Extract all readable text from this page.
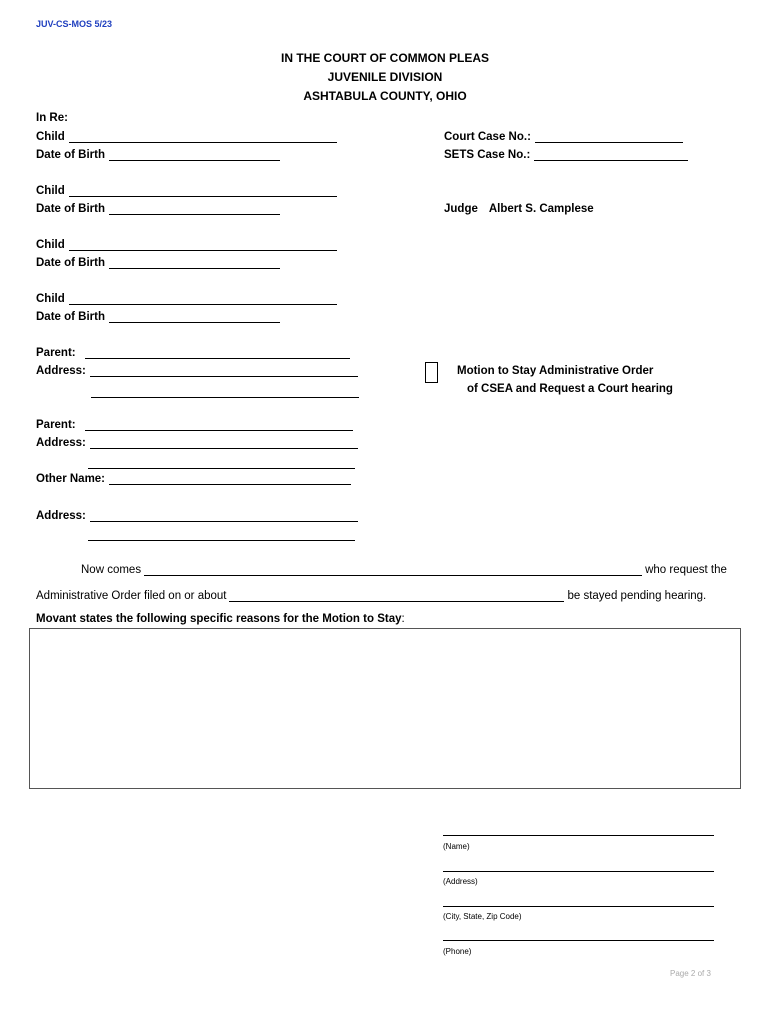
JUV-CS-MOS 5/23
IN THE COURT OF COMMON PLEAS
JUVENILE DIVISION
ASHTABULA COUNTY, OHIO
In Re:
Child
Date of Birth
Court Case No.:
SETS Case No.:
Child
Date of Birth	Judge Albert S. Camplese
Child
Date of Birth
Child
Date of Birth
Parent:
Address:	Motion to Stay Administrative Order
of CSEA and Request a Court hearing
Parent:
Address:
Other Name:
Address:
Now comes	who request the
Administrative Order filed on or about	be stayed pending hearing.
Movant states the following specific reasons for the Motion to Stay:
(Name)
(Address)
(City, State, Zip Code)
(Phone)
Page 2 of 3
